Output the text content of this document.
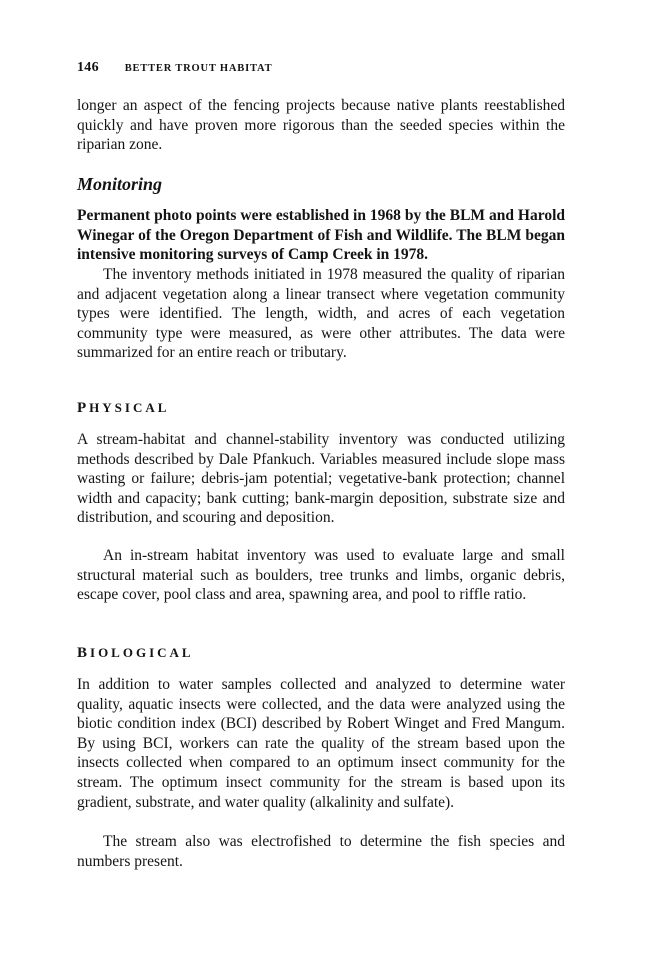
146 BETTER TROUT HABITAT

longer an aspect of the fencing projects because native plants reestablished quickly and have proven more rigorous than the seeded species within the riparian zone.

Monitoring

Permanent photo points were established in 1968 by the BLM and Harold Winegar of the Oregon Department of Fish and Wildlife. The BLM began intensive monitoring surveys of Camp Creek in 1978.

The inventory methods initiated in 1978 measured the quality of riparian and adjacent vegetation along a linear transect where vegetation community types were identified. The length, width, and acres of each vegetation community type were measured, as were other attributes. The data were summarized for an entire reach or tributary.

PHYSICAL

A stream-habitat and channel-stability inventory was conducted utilizing methods described by Dale Pfankuch. Variables measured include slope mass wasting or failure; debris-jam potential; vegetative-bank protection; channel width and capacity; bank cutting; bank-margin deposition, substrate size and distribution, and scouring and deposition.

An in-stream habitat inventory was used to evaluate large and small structural material such as boulders, tree trunks and limbs, organic debris, escape cover, pool class and area, spawning area, and pool to riffle ratio.

BIOLOGICAL

In addition to water samples collected and analyzed to determine water quality, aquatic insects were collected, and the data were analyzed using the biotic condition index (BCI) described by Robert Winget and Fred Mangum. By using BCI, workers can rate the quality of the stream based upon the insects collected when compared to an optimum insect community for the stream. The optimum insect community for the stream is based upon its gradient, substrate, and water quality (alkalinity and sulfate).

The stream also was electrofished to determine the fish species and numbers present.
